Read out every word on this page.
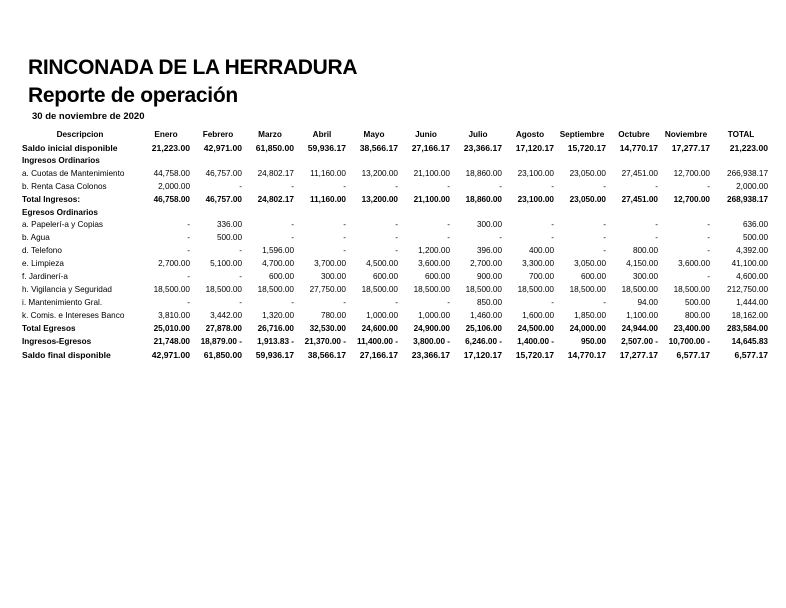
RINCONADA DE LA HERRADURA
Reporte de operación
30 de noviembre de 2020
Descripcion	Enero	Febrero	Marzo	Abril	Mayo	Junio	Julio	Agosto	Septiembre	Octubre	Noviembre	TOTAL
Saldo inicial disponible	21,223.00	42,971.00	61,850.00	59,936.17	38,566.17	27,166.17	23,366.17	17,120.17	15,720.17	14,770.17	17,277.17	21,223.00
Ingresos Ordinarios												
a. Cuotas de Mantenimiento	44,758.00	46,757.00	24,802.17	11,160.00	13,200.00	21,100.00	18,860.00	23,100.00	23,050.00	27,451.00	12,700.00	266,938.17
b. Renta Casa Colonos	2,000.00	-	-	-	-	-	-	-	-	-	-	2,000.00
Total Ingresos:	46,758.00	46,757.00	24,802.17	11,160.00	13,200.00	21,100.00	18,860.00	23,100.00	23,050.00	27,451.00	12,700.00	268,938.17
Egresos Ordinarios												
a. Papelerí-a y Copias	-	336.00	-	-	-	-	300.00	-	-	-	-	636.00
b. Agua	-	500.00	-	-	-	-	-	-	-	-	-	500.00
d. Telefono	-	-	1,596.00	-	-	1,200.00	396.00	400.00	-	800.00	-	4,392.00
e. Limpieza	2,700.00	5,100.00	4,700.00	3,700.00	4,500.00	3,600.00	2,700.00	3,300.00	3,050.00	4,150.00	3,600.00	41,100.00
f. Jardinerí-a	-	-	600.00	300.00	600.00	600.00	900.00	700.00	600.00	300.00	-	4,600.00
h. Vigilancia y Seguridad	18,500.00	18,500.00	18,500.00	27,750.00	18,500.00	18,500.00	18,500.00	18,500.00	18,500.00	18,500.00	18,500.00	212,750.00
i. Mantenimiento Gral.	-	-	-	-	-	-	850.00	-	-	94.00	500.00	1,444.00
k. Comis. e Intereses Banco	3,810.00	3,442.00	1,320.00	780.00	1,000.00	1,000.00	1,460.00	1,600.00	1,850.00	1,100.00	800.00	18,162.00
Total Egresos	25,010.00	27,878.00	26,716.00	32,530.00	24,600.00	24,900.00	25,106.00	24,500.00	24,000.00	24,944.00	23,400.00	283,584.00
Ingresos-Egresos	21,748.00	18,879.00 -	1,913.83 -	21,370.00 -	11,400.00 -	3,800.00 -	6,246.00 -	1,400.00 -	950.00	2,507.00 -	10,700.00 -	14,645.83
Saldo final disponible	42,971.00	61,850.00	59,936.17	38,566.17	27,166.17	23,366.17	17,120.17	15,720.17	14,770.17	17,277.17	6,577.17	6,577.17
